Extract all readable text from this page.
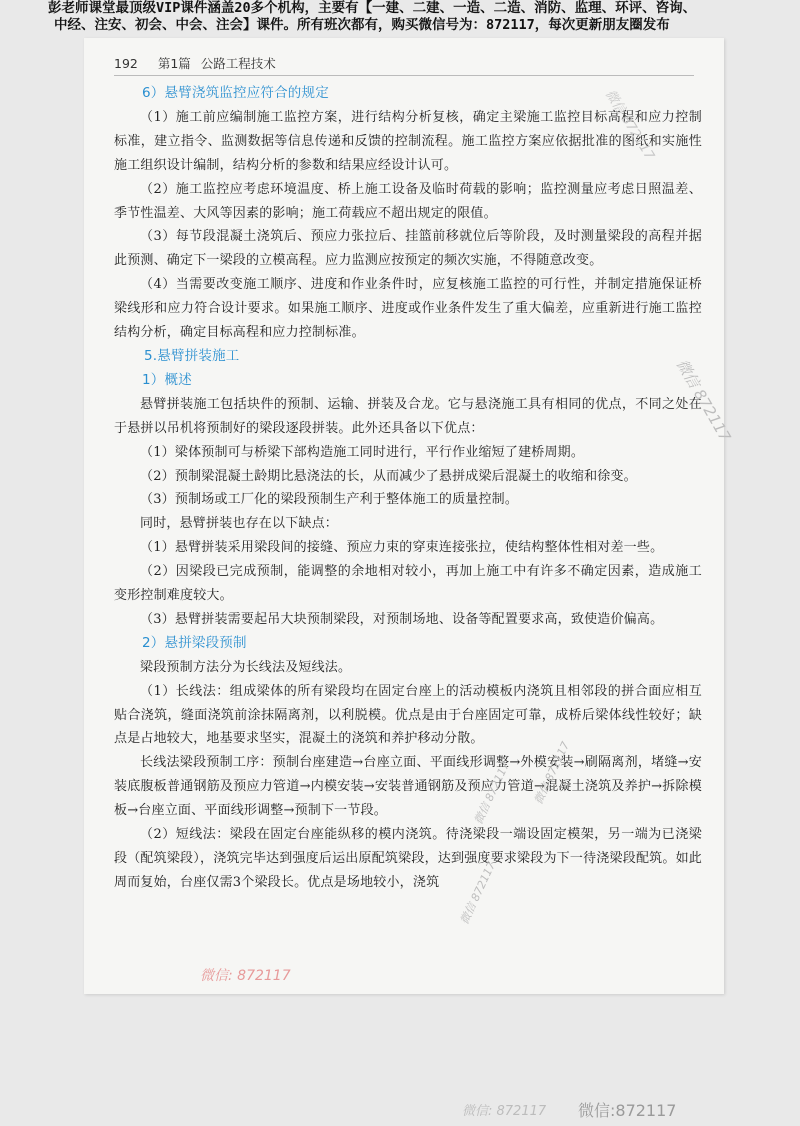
彭老师课堂最顶级VIP课件涵盖20多个机构，主要有【一建、二建、一造、二造、消防、监理、环评、咨询、
中经、注安、初会、中会、注会】课件。所有班次都有，购买微信号为：872117，每次更新朋友圈发布
192 第1篇 公路工程技术

6）悬臂浇筑监控应符合的规定

（1）施工前应编制施工监控方案，进行结构分析复核，确定主梁施工监控目标高程和应力控制标准，建立指令、监测数据等信息传递和反馈的控制流程。施工监控方案应依据批准的图纸和实施性施工组织设计编制，结构分析的参数和结果应经设计认可。

（2）施工监控应考虑环境温度、桥上施工设备及临时荷载的影响；监控测量应考虑日照温差、季节性温差、大风等因素的影响；施工荷载应不超出规定的限值。

（3）每节段混凝土浇筑后、预应力张拉后、挂篮前移就位后等阶段，及时测量梁段的高程并据此预测、确定下一梁段的立模高程。应力监测应按预定的频次实施，不得随意改变。

（4）当需要改变施工顺序、进度和作业条件时，应复核施工监控的可行性，并制定措施保证桥梁线形和应力符合设计要求。如果施工顺序、进度或作业条件发生了重大偏差，应重新进行施工监控结构分析，确定目标高程和应力控制标准。

5.悬臂拼装施工

1）概述

悬臂拼装施工包括块件的预制、运输、拼装及合龙。它与悬浇施工具有相同的优点，不同之处在于悬拼以吊机将预制好的梁段逐段拼装。此外还具备以下优点：

（1）梁体预制可与桥梁下部构造施工同时进行，平行作业缩短了建桥周期。

（2）预制梁混凝土龄期比悬浇法的长，从而减少了悬拼成梁后混凝土的收缩和徐变。

（3）预制场或工厂化的梁段预制生产利于整体施工的质量控制。

同时，悬臂拼装也存在以下缺点：

（1）悬臂拼装采用梁段间的接缝、预应力束的穿束连接张拉，使结构整体性相对差一些。

（2）因梁段已完成预制，能调整的余地相对较小，再加上施工中有许多不确定因素，造成施工变形控制难度较大。

（3）悬臂拼装需要起吊大块预制梁段，对预制场地、设备等配置要求高，致使造价偏高。

2）悬拼梁段预制

梁段预制方法分为长线法及短线法。

（1）长线法：组成梁体的所有梁段均在固定台座上的活动模板内浇筑且相邻段的拼合面应相互贴合浇筑，缝面浇筑前涂抹隔离剂，以利脱模。优点是由于台座固定可靠，成桥后梁体线性较好；缺点是占地较大，地基要求坚实，混凝土的浇筑和养护移动分散。

长线法梁段预制工序：预制台座建造→台座立面、平面线形调整→外模安装→刷隔离剂，堵缝→安装底腹板普通钢筋及预应力管道→内模安装→安装普通钢筋及预应力管道→混凝土浇筑及养护→拆除模板→台座立面、平面线形调整→预制下一节段。

（2）短线法：梁段在固定台座能纵移的模内浇筑。待浇梁段一端设固定模架，另一端为已浇梁段（配筑梁段），浇筑完毕达到强度后运出原配筑梁段，达到强度要求梁段为下一待浇梁段配筑。如此周而复始，台座仅需3个梁段长。优点是场地较小，浇筑

微信 872117
微信 872117
微信 872117 微信 872117
微信 872117
微信: 872117
微信: 872117 微信:872117
